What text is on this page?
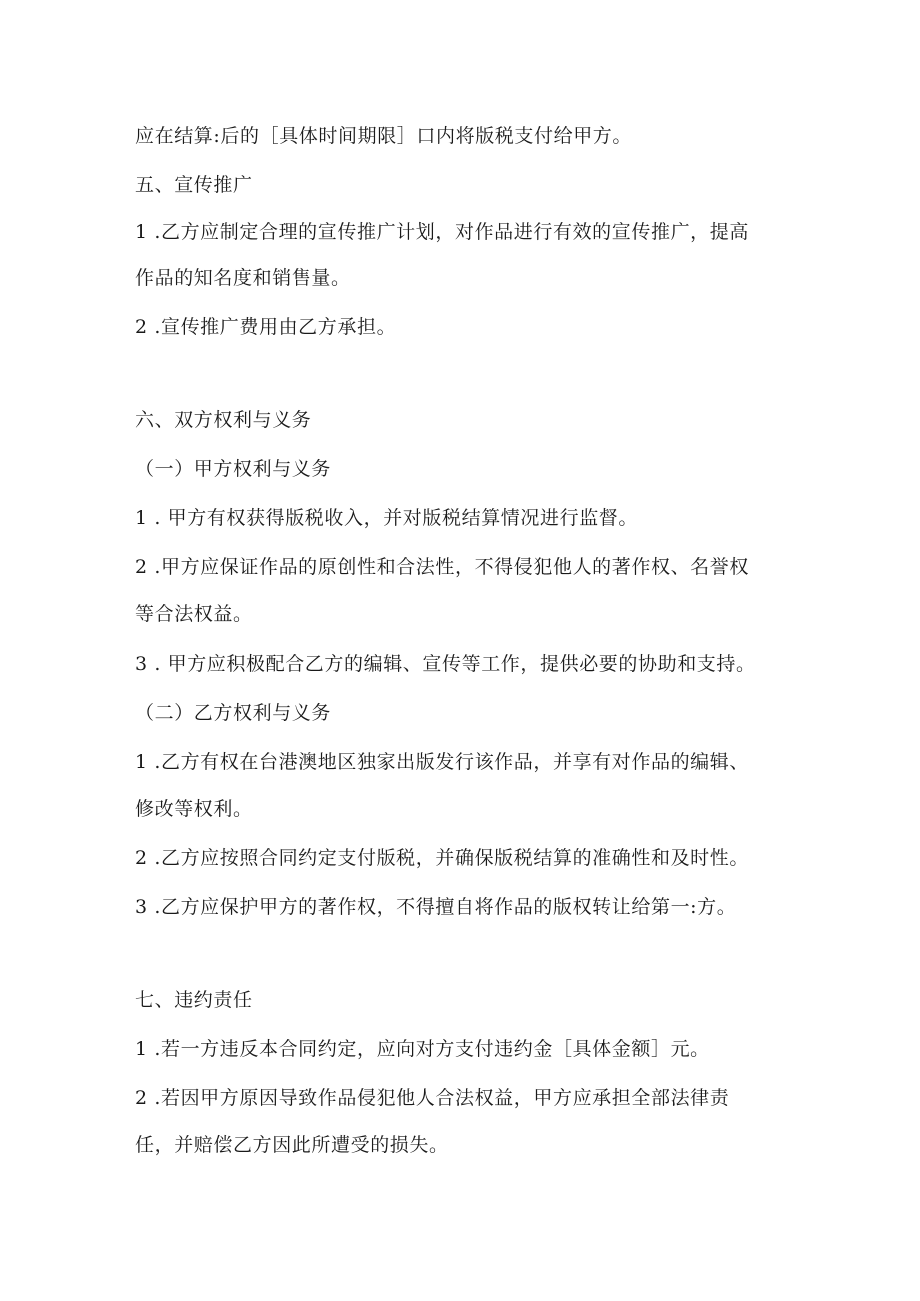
应在结算:后的［具体时间期限］口内将版税支付给甲方。
五、宣传推广
1 .乙方应制定合理的宣传推广计划，对作品进行有效的宣传推广，提高
作品的知名度和销售量。
2 .宣传推广费用由乙方承担。
六、双方权利与义务
（一）甲方权利与义务
1 . 甲方有权获得版税收入，并对版税结算情况进行监督。
2 .甲方应保证作品的原创性和合法性，不得侵犯他人的著作权、名誉权
等合法权益。
3 . 甲方应积极配合乙方的编辑、宣传等工作，提供必要的协助和支持。
（二）乙方权利与义务
1 .乙方有权在台港澳地区独家出版发行该作品，并享有对作品的编辑、
修改等权利。
2 .乙方应按照合同约定支付版税，并确保版税结算的准确性和及时性。
3 .乙方应保护甲方的著作权，不得擅自将作品的版权转让给第一:方。
七、违约责任
1 .若一方违反本合同约定，应向对方支付违约金［具体金额］元。
2 .若因甲方原因导致作品侵犯他人合法权益，甲方应承担全部法律责
任，并赔偿乙方因此所遭受的损失。
